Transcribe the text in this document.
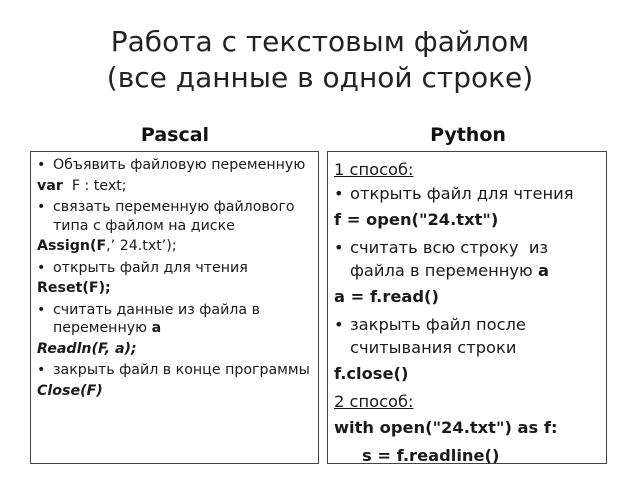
Работа с текстовым файлом
(все данные в одной строке)
Pascal	Python
• Объявить файловую переменную
var  F : text;
• связать переменную файлового типа с файлом на диске
Assign(F,’ 24.txt’);
• открыть файл для чтения
Reset(F);
• считать данные из файла в переменную a
Readln(F, a);
• закрыть файл в конце программы
Close(F)
1 способ:
• открыть файл для чтения
f = open("24.txt")
• считать всю строку  из файла в переменную a
a = f.read()
• закрыть файл после считывания строки
f.close()
2 способ:
with open("24.txt") as f:
s = f.readline()
